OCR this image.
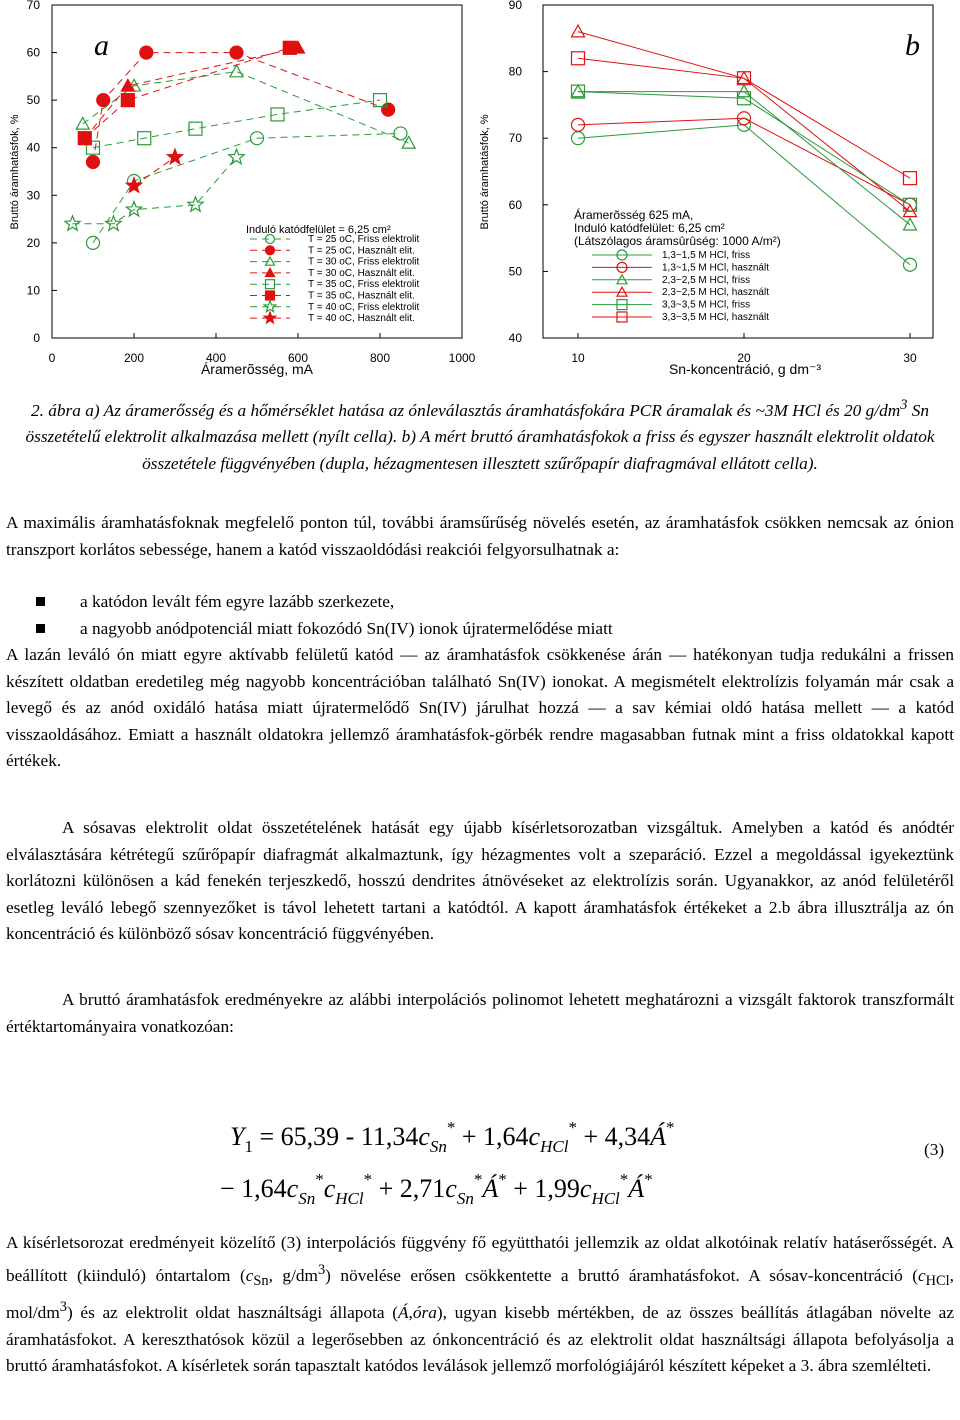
0
10
20
30
40
50
60
70
0	200	400	600	800	1000
a
Bruttó áramhatásfok, %
Áramerõsség, mA
Induló katódfelület = 6,25 cm²
T = 25 oC, Friss elektrolit
T = 25 oC, Használt elit.
T = 30 oC, Friss elektrolit
T = 30 oC, Használt elit.
T = 35 oC, Friss elektrolit
T = 35 oC, Használt elit.
T = 40 oC, Friss elektrolit
T = 40 oC, Használt elit.
40
50
60
70
80
90
10	20	30
b
Bruttó áramhatásfok, %
Sn-koncentráció, g dm⁻³
Áramerõsség 625 mA,
Induló katódfelület: 6,25 cm²
(Látszólagos áramsûrûség: 1000 A/m²)
1,3~1,5 M HCl, friss
1,3~1,5 M HCl, használt
2,3~2,5 M HCl, friss
2,3~2,5 M HCl, használt
3,3~3,5 M HCl, friss
3,3~3,5 M HCl, használt
2. ábra a) Az áramerősség és a hőmérséklet hatása az ónleválasztás áramhatásfokára PCR áramalak és ~3M HCl és 20 $g/dm^3$ Sn összetételű elektrolit alkalmazása mellett (nyílt cella). b) A mért bruttó áramhatásfokok a friss és egyszer használt elektrolit oldatok összetétele függvényében (dupla, hézagmentesen illesztett szűrőpapír diafragmával ellátott cella).

A maximális áramhatásfoknak megfelelő ponton túl, további áramsűrűség növelés esetén, az áramhatásfok csökken nemcsak az ónion transzport korlátos sebessége, hanem a katód visszaoldódási reakciói felgyorsulhatnak a:

a katódon levált fém egyre lazább szerkezete,
a nagyobb anódpotenciál miatt fokozódó Sn(IV) ionok újratermelődése miatt

A lazán leváló ón miatt egyre aktívabb felületű katód — az áramhatásfok csökkenése árán — hatékonyan tudja redukálni a frissen készített oldatban eredetileg még nagyobb koncentrációban található Sn(IV) ionokat. A megismételt elektrolízis folyamán már csak a levegő és az anód oxidáló hatása miatt újratermelődő Sn(IV) járulhat hozzá — a sav kémiai oldó hatása mellett — a katód visszaoldásához. Emiatt a használt oldatokra jellemző áramhatásfok-görbék rendre magasabban futnak mint a friss oldatokkal kapott értékek.

A sósavas elektrolit oldat összetételének hatását egy újabb kísérletsorozatban vizsgáltuk. Amelyben a katód és anódtér elválasztására kétrétegű szűrőpapír diafragmát alkalmaztunk, így hézagmentes volt a szeparáció. Ezzel a megoldással igyekeztünk korlátozni különösen a kád fenekén terjeszkedő, hosszú dendrites átnövéseket az elektrolízis során. Ugyanakkor, az anód felületéről esetleg leváló lebegő szennyezőket is távol lehetett tartani a katódtól. A kapott áramhatásfok értékeket a 2.b ábra illusztrálja az ón koncentráció és különböző sósav koncentráció függvényében.

A bruttó áramhatásfok eredményekre az alábbi interpolációs polinomot lehetett meghatározni a vizsgált faktorok transzformált értéktartományaira vonatkozóan:

$Y_1 = 65,39 - 11,34c_{Sn}^* + 1,64c_{HCl}^*$ + 4,34Á*
− $1,64c_{Sn}^*c_{HCl}^*$ + $2,71c_{Sn}^*Á^*$ + $1,99c_{HCl}^*Á^*$
(3)

A kísérletsorozat eredményeit közelítő (3) interpolációs függvény fő együtthatói jellemzik az oldat alkotóinak relatív hatáserősségét. A beállított (kiinduló) óntartalom ($c_{Sn}$, $g/dm^3$) növelése erősen csökkentette a bruttó áramhatásfokot. A sósav-koncentráció ($c_{HCl}$, mol/$dm^3$) és az elektrolit oldat használtsági állapota (Á,óra), ugyan kisebb mértékben, de az összes beállítás átlagában növelte az áramhatásfokot. A kereszthatósok közül a legerősebben az ónkoncentráció és az elektrolit oldat használtsági állapota befolyásolja a bruttó áramhatásfokot. A kísérletek során tapasztalt katódos leválások jellemző morfológiájáról készített képeket a 3. ábra szemlélteti.
